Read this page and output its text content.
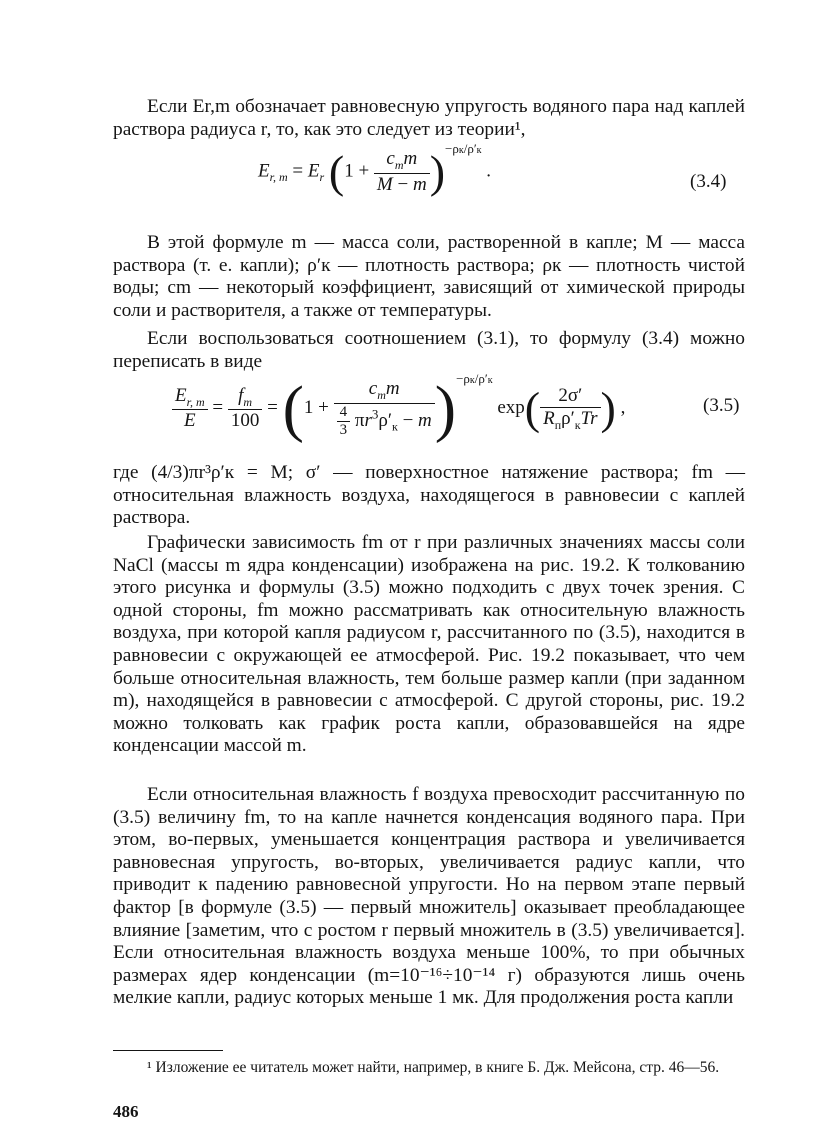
Если Er,m обозначает равновесную упругость водяного пара над каплей раствора радиуса r, то, как это следует из теории¹,

$E_{r, m} = E_r$ $(1 + \frac{c_mm}{M - m} )^{-\rho к/\rho'к}$ .
(3.4)

В этой формуле m — масса соли, растворенной в капле; M — масса раствора (т. е. капли); ρ′к — плотность раствора; ρк — плотность чистой воды; cm — некоторый коэффициент, зависящий от химической природы соли и растворителя, а также от температуры.

Если воспользоваться соотношением (3.1), то формулу (3.4) можно переписать в виде

$\frac{E_{r, m}}{E} = \frac{f_m}{100} = (1 + \frac{c_mm}{\frac{4}{3} \pi r^3\rho'_к - m} )^{-\rho к/\rho'к}$ $\exp( \frac{2\sigma'}{R_п\rho'_кTr}$ ) ,	(3.5)

где (4/3)πr³ρ′к = M; σ′ — поверхностное натяжение раствора; fm — относительная влажность воздуха, находящегося в равновесии с каплей раствора.

Графически зависимость fm от r при различных значениях массы соли NaCl (массы m ядра конденсации) изображена на рис. 19.2. К толкованию этого рисунка и формулы (3.5) можно подходить с двух точек зрения. С одной стороны, fm можно рассматривать как относительную влажность воздуха, при которой капля радиусом r, рассчитанного по (3.5), находится в равновесии с окружающей ее атмосферой. Рис. 19.2 показывает, что чем больше относительная влажность, тем больше размер капли (при заданном m), находящейся в равновесии с атмосферой. С другой стороны, рис. 19.2 можно толковать как график роста капли, образовавшейся на ядре конденсации массой m.

Если относительная влажность f воздуха превосходит рассчитанную по (3.5) величину fm, то на капле начнется конденсация водяного пара. При этом, во-первых, уменьшается концентрация раствора и увеличивается равновесная упругость, во-вторых, увеличивается радиус капли, что приводит к падению равновесной упругости. Но на первом этапе первый фактор [в формуле (3.5) — первый множитель] оказывает преобладающее влияние [заметим, что с ростом r первый множитель в (3.5) увеличивается]. Если относительная влажность воздуха меньше 100%, то при обычных размерах ядер конденсации (m=10⁻¹⁶÷10⁻¹⁴ г) образуются лишь очень мелкие капли, радиус которых меньше 1 мк. Для продолжения роста капли

¹ Изложение ее читатель может найти, например, в книге Б. Дж. Мейсона, стр. 46—56.

486
